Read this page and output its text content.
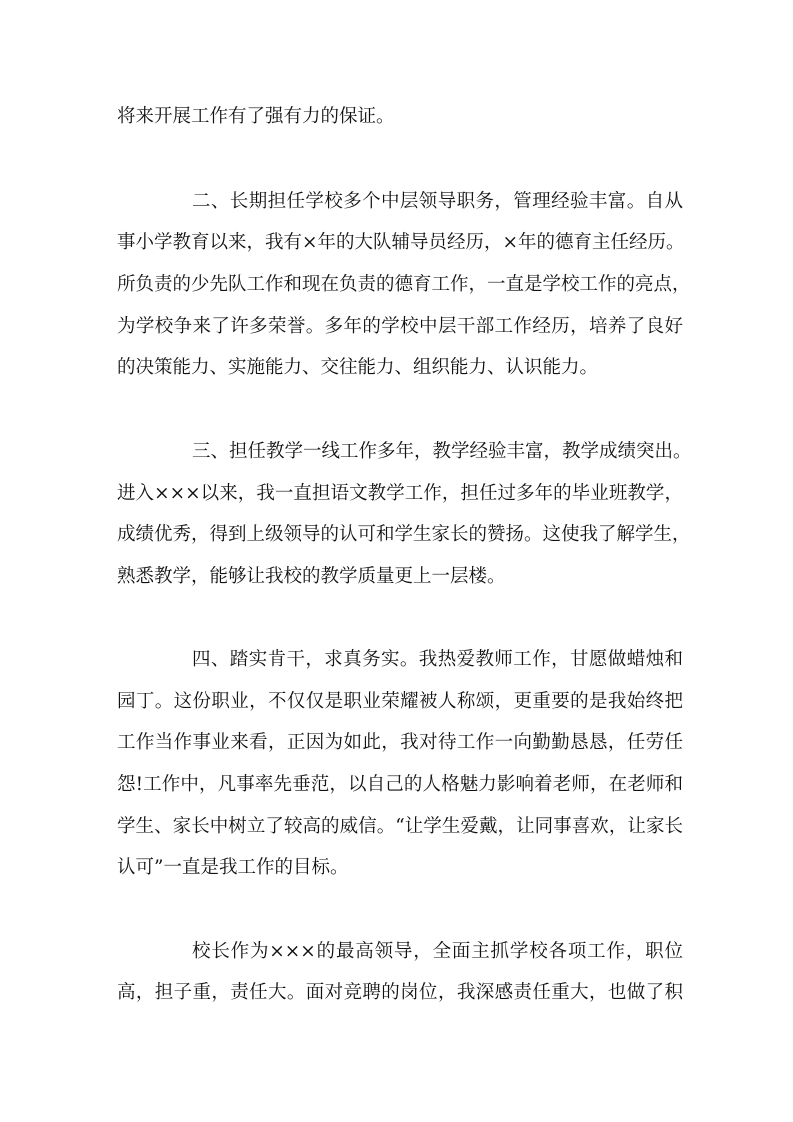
将来开展工作有了强有力的保证。
二、长期担任学校多个中层领导职务，管理经验丰富。自从
事小学教育以来，我有×年的大队辅导员经历，×年的德育主任经历。
所负责的少先队工作和现在负责的德育工作，一直是学校工作的亮点，
为学校争来了许多荣誉。多年的学校中层干部工作经历，培养了良好
的决策能力、实施能力、交往能力、组织能力、认识能力。
三、担任教学一线工作多年，教学经验丰富，教学成绩突出。
进入×××以来，我一直担语文教学工作，担任过多年的毕业班教学，
成绩优秀，得到上级领导的认可和学生家长的赞扬。这使我了解学生，
熟悉教学，能够让我校的教学质量更上一层楼。
四、踏实肯干，求真务实。我热爱教师工作，甘愿做蜡烛和
园丁。这份职业，不仅仅是职业荣耀被人称颂，更重要的是我始终把
工作当作事业来看，正因为如此，我对待工作一向勤勤恳恳，任劳任
怨!工作中，凡事率先垂范，以自己的人格魅力影响着老师，在老师和
学生、家长中树立了较高的威信。“让学生爱戴，让同事喜欢，让家长
认可”一直是我工作的目标。
校长作为×××的最高领导，全面主抓学校各项工作，职位
高，担子重，责任大。面对竞聘的岗位，我深感责任重大，也做了积
